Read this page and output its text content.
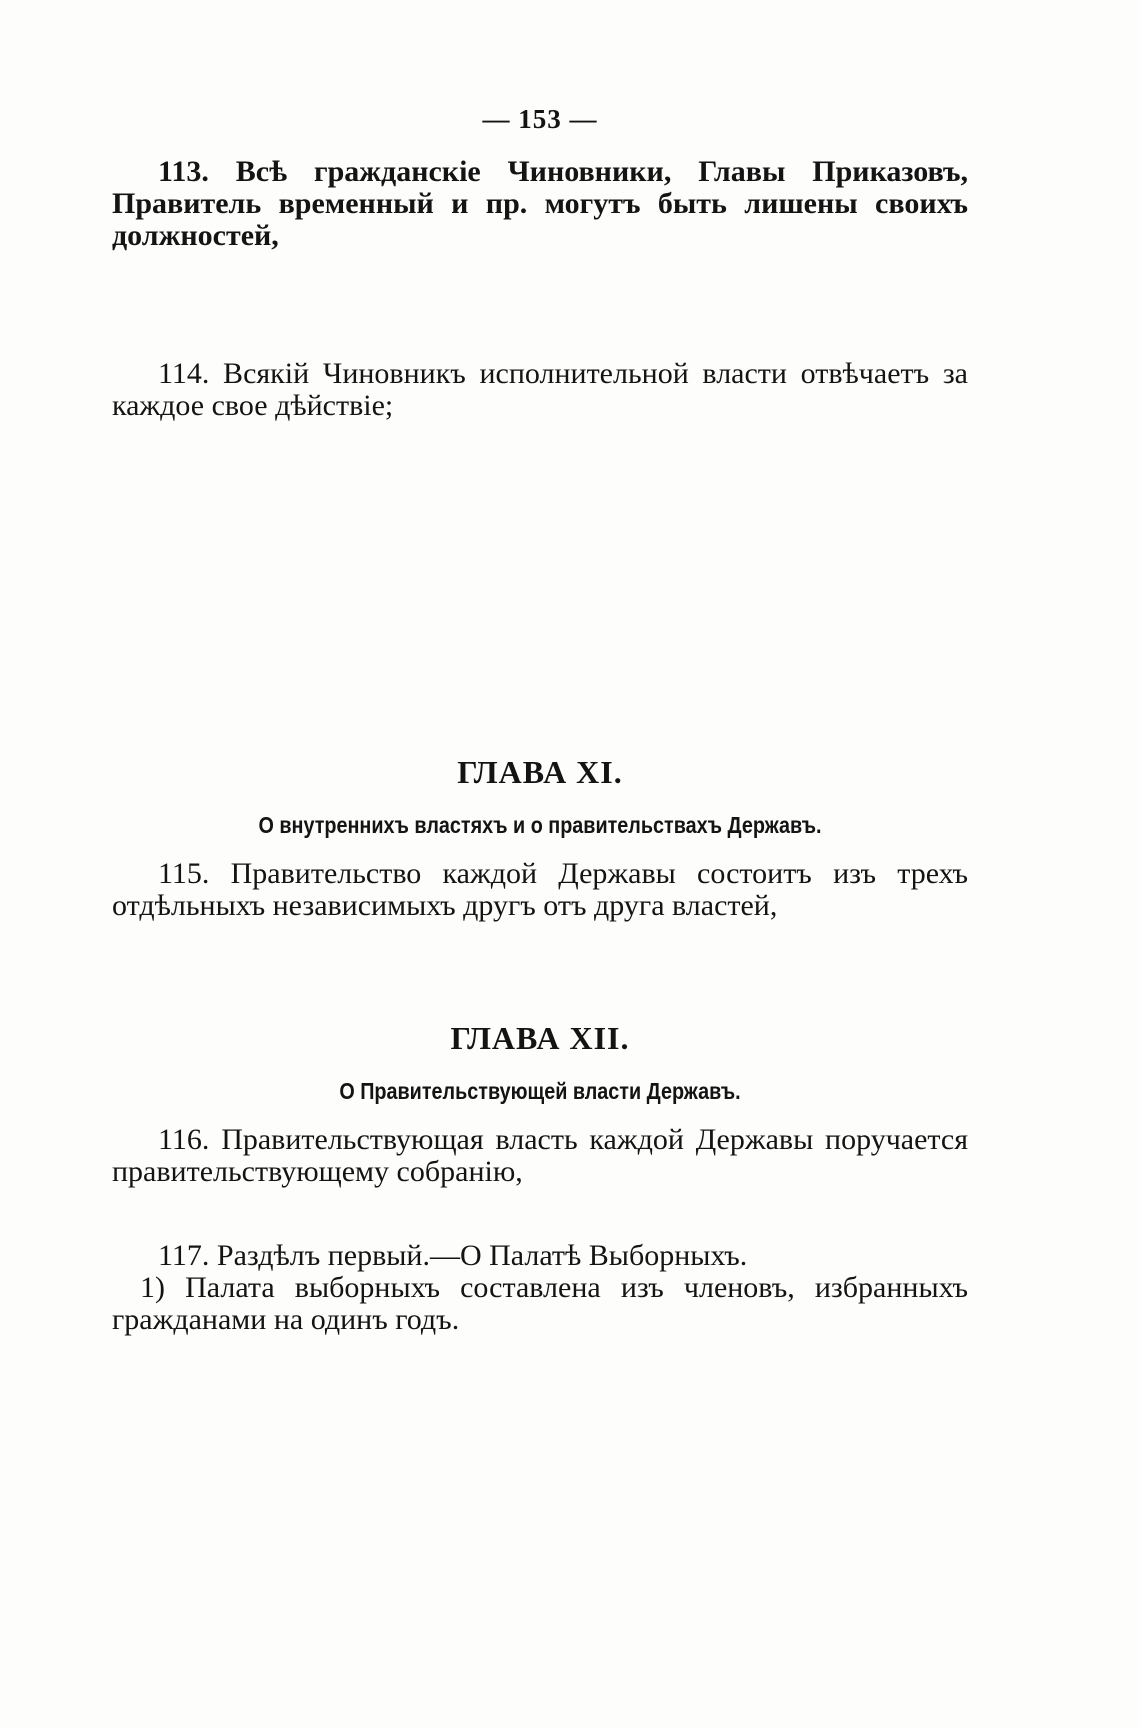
— 153 —

113. Всѣ гражданскіе Чиновники, Главы Приказовъ, Правитель временный и пр. могутъ быть лишены своихъ должностей,

114. Всякій Чиновникъ исполнительной власти отвѣчаетъ за каждое свое дѣйствіе;

ГЛАВА XI.
О внутреннихъ властяхъ и о правительствахъ Державъ.

115. Правительство каждой Державы состоитъ изъ трехъ отдѣльныхъ независимыхъ другъ отъ друга властей,

ГЛАВА XII.
О Правительствующей власти Державъ.

116. Правительствующая власть каждой Державы поручается правительствующему собранію,

117. Раздѣлъ первый.—О Палатѣ Выборныхъ.

1) Палата выборныхъ составлена изъ членовъ, избранныхъ гражданами на одинъ годъ.
